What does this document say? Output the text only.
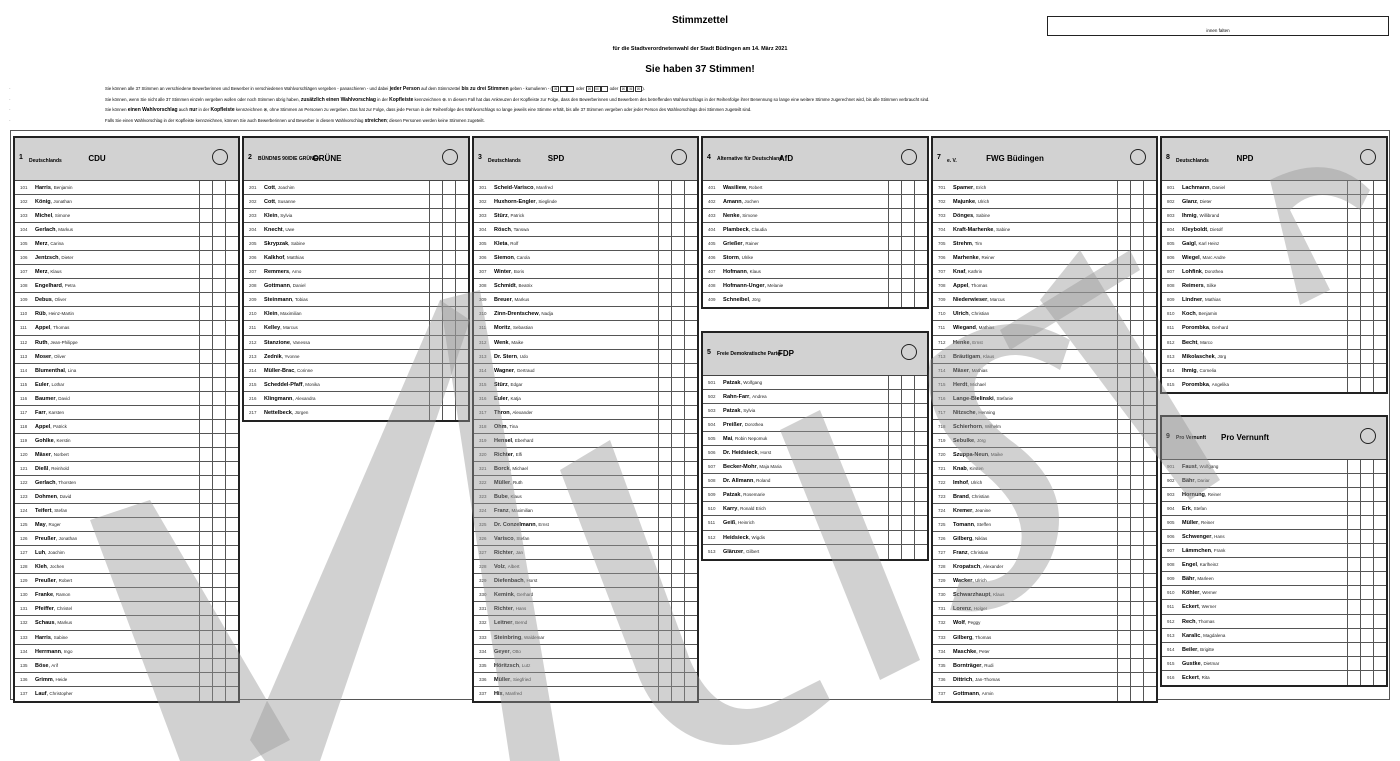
Stimmzettel
für die Stadtverordnetenwahl der Stadt Büdingen am 14. März 2021
Sie haben 37 Stimmen!
innen falten
-	Sie können alle 37 Stimmen an verschiedene Bewerberinnen und Bewerber in verschiedenen Wahlvorschlägen vergeben - panaschieren - und dabei jeder Person auf dem Stimmzettel bis zu drei Stimmen geben - kumulieren - ( ☒	oder ☒ ☒ oder ☒ ☒ ☒ ).
-	Sie können, wenn Sie nicht alle 37 Stimmen einzeln vergeben wollen oder noch Stimmen übrig haben, zusätzlich einen Wahlvorschlag in der Kopfleiste kennzeichnen ⊗. In diesem Fall hat das Ankreuzen der Kopfleiste zur Folge, dass den Bewerberinnen und Bewerbern des betreffenden Wahlvorschlags in der Reihenfolge ihrer Benennung so lange eine weitere Stimme zugerechnet wird, bis alle Stimmen verbraucht sind.
-	Sie können einen Wahlvorschlag auch nur in der Kopfleiste kennzeichnen ⊗, ohne Stimmen an Personen zu vergeben. Das hat zur Folge, dass jede Person in der Reihenfolge des Wahlvorschlags so lange jeweils eine Stimme erhält, bis alle 37 Stimmen vergeben oder jeder Person des Wahlvorschlags drei Stimmen zugeteilt sind.
-	Falls Sie einen Wahlvorschlag in der Kopfleiste kennzeichnen, können Sie auch Bewerberinnen und Bewerber in diesem Wahlvorschlag streichen; diesen Personen werden keine Stimmen zugeteilt.
1 Deutschlands	CDU
101 Harris, Benjamin
102 König, Jonathan
103 Michel, Simone
104 Gerlach, Markus
105 Merz, Carina
106 Jentzsch, Dieter
107 Merz, Klaus
108 Engelhard, Petra
109 Debus, Oliver
110 Rüb, Heinz-Martin
111 Appel, Thomas
112 Ruth, Jean-Philippe
113 Moser, Oliver
114 Blumenthal, Lina
115 Euler, Lothar
116 Baumer, David
117 Farr, Karsten
118 Appel, Patrick
119 Gohlke, Kerstin
120 Mäser, Norbert
121 Dießl, Reinhold
122 Gerlach, Thorsten
123 Dohmen, David
124 Teifert, Stefan
125 May, Roger
126 Preußer, Jonathan
127 Luh, Joachim
128 Kleh, Jochen
129 Preußer, Robert
130 Franke, Ramon
131 Pfeiffer, Christel
132 Schaus, Markus
133 Harris, Sabine
134 Herrmann, Ingo
135 Böse, Arif
136 Grimm, Heide
137 Lauf, Christopher
2 BÜNDNIS 90/DIE GRÜNEN
GRÜNE
201 Cott, Joachim
202 Cott, Susanne
203 Klein, Sylvia
204 Knecht, Uwe
205 Skrypzak, Sabine
206 Kalkhof, Matthias
207 Remmers, Arno
208 Gottmann, Daniel
209 Steinmann, Tobias
210 Klein, Maximilian
211 Kelley, Marcus
212 Stanzione, Vanessa
213 Zednik, Yvonne
214 Müller-Brac, Corinne
215 Scheddel-Pfaff, Monika
216 Klingmann, Alexandra
217 Nettelbeck, Jürgen
3 Deutschlands	SPD
301 Scheid-Varisco, Manfred
302 Huxhorn-Engler, Sieglinde
303 Stürz, Patrick
304 Rösch, Tanswa
305 Kleta, Rolf
306 Siemon, Carola
307 Winter, Boris
308 Schmidt, Beatrix
309 Breuer, Markus
310 Zinn-Drentschew, Nadja
311 Moritz, Sebastian
312 Wenk, Maike
313 Dr. Stern, Udo
314 Wagner, Gertraud
315 Stürz, Edgar
316 Euler, Katja
317 Thron, Alexander
318 Ohm, Tina
319 Hensel, Eberhard
320 Richter, Elfi
321 Borck, Michael
322 Müller, Ruth
323 Bube, Klaus
324 Franz, Maximilian
325 Dr. Conzelmann, Ernst
326 Varisco, Stefan
327 Richter, Jan
328 Volz, Albert
329 Diefenbach, Horst
330 Kemink, Gerhard
331 Richter, Hans
332 Leitner, Bernd
333 Steinbring, Waldemar
334 Geyer, Otto
335 Höritzsch, Lutz
336 Müller, Siegfried
337 Hix, Manfred
4 Alternative für Deutschland
AfD
401 Wasiliew, Robert
402 Amann, Jochen
403 Nenke, Simone
404 Plambeck, Claudia
405 Grießer, Rainer
406 Storm, Ulrike
407 Hofmann, Klaus
408 Hofmann-Unger, Melanie
409 Schneibel, Jörg
5 Freie Demokratische Partei
FDP
501 Patzak, Wolfgang
502 Rahn-Farr, Andrea
503 Patzak, Sylvia
504 Preißer, Dorothea
505 Mai, Robin Nepomuk
506 Dr. Heidsieck, Horst
507 Becker-Mohr, Maja Maria
508 Dr. Allmann, Roland
509 Patzak, Rosemarie
510 Karry, Ronald Erich
511 Geiß, Heinrich
512 Heidsieck, Wigdis
513 Glänzer, Gilbert
7 e. V.	FWG Büdingen
701 Spamer, Erich
702 Majunke, Ulrich
703 Dönges, Sabine
704 Kraft-Marhenke, Sabine
705 Strehm, Tim
706 Marhenke, Reiner
707 Knaf, Kathrin
708 Appel, Thomas
709 Niederwieser, Marcus
710 Ulrich, Christian
711 Wiegand, Mathias
712 Henke, Ernst
713 Bräutigam, Klaus
714 Mäser, Mathias
715 Herdt, Michael
716 Lange-Bielinski, Stefanie
717 Nitzsche, Henning
718 Schierhorn, Wilhelm
719 Sebulke, Jörg
720 Szuppa-Neun, Maike
721 Knab, Kirsten
722 Imhof, Ulrich
723 Brand, Christian
724 Kremer, Jeanine
725 Tomann, Steffen
726 Gilberg, Niklas
727 Franz, Christian
728 Kropatsch, Alexander
729 Wacker, Ulrich
730 Schwarzhaupt, Klaus
731 Lorenz, Holger
732 Wolf, Peggy
733 Gilberg, Thomas
734 Maschke, Peter
735 Bornträger, Rudi
736 Dittrich, Jan-Thomas
737 Gottmann, Armin
8 Deutschlands	NPD
801 Lachmann, Daniel
802 Glanz, Dieter
803 Ihmig, Willibrand
804 Kleyboldt, Dietolf
805 Gaigl, Karl Heinz
806 Wiegel, Marc Andre
807 Lohfink, Dorothea
808 Reimers, Silke
809 Lindner, Mathias
810 Koch, Benjamin
811 Porombka, Gerhard
812 Becht, Marco
813 Mikolaschek, Jörg
814 Ihmig, Cornelia
815 Porombka, Angelika
9 Pro Vernunft	Pro Vernunft
901 Faust, Wolfgang
902 Bähr, Dariar
903 Hornung, Reiner
904 Erk, Stefan
905 Müller, Reiner
906 Schwenger, Hans
907 Lämmchen, Frank
908 Engel, Karlheinz
909 Bähr, Marleen
910 Köhler, Werner
911 Eckert, Werner
912 Rech, Thomas
913 Karalic, Magdalena
914 Beiler, Brigitte
915 Gustke, Dietmar
916 Eckert, Rita
